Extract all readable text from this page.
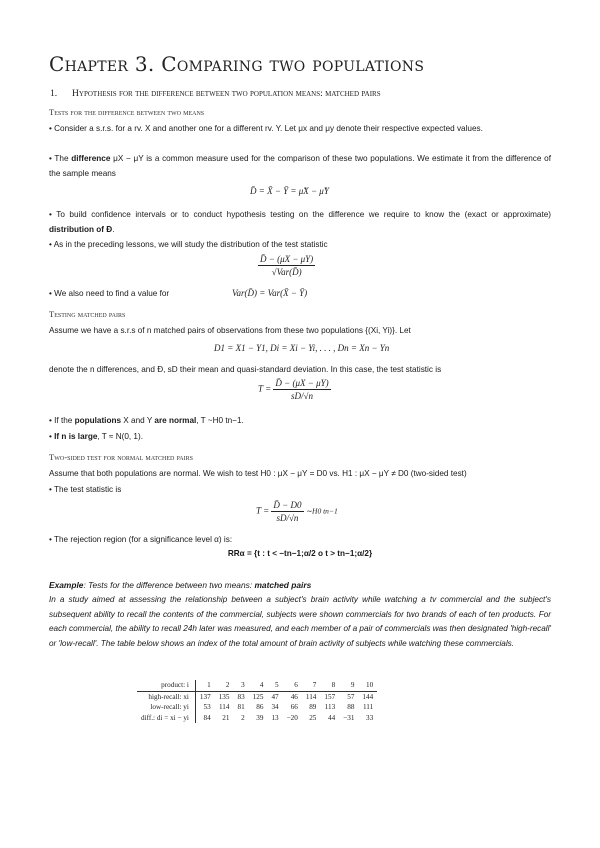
Chapter 3. Comparing two populations
1. Hypothesis for the difference between two population means: matched pairs
Tests for the difference between two means
• Consider a s.r.s. for a rv. X and another one for a different rv. Y. Let μx and μy denote their respective expected values.
• The difference μX − μY is a common measure used for the comparison of these two populations. We estimate it from the difference of the sample means
D̄ = X̄ − Ȳ = μ̂X − μ̂Y
• To build confidence intervals or to conduct hypothesis testing on the difference we require to know the (exact or approximate) distribution of Đ.
• As in the preceding lessons, we will study the distribution of the test statistic
$\frac{D̄ - (\mu X - \mu Y)}{\text{√Var(D̄)}}$
• We also need to find a value for	Var(D̄) = Var(X̄ − Ȳ)
Testing matched pairs
Assume we have a s.r.s of n matched pairs of observations from these two populations {(Xi, Yi)}. Let
D1 = X1 − Y1, Di = Xi − Yi, . . . , Dn = Xn − Yn
denote the n differences, and Đ, sD their mean and quasi-standard deviation. In this case, the test statistic is
$T = \frac{D̄ - (\mu X - \mu Y)}{sD/√n}$
• If the populations X and Y are normal, T ~H0 tn−1.
• If n is large, T ≈ N(0, 1).
Two-sided test for normal matched pairs
Assume that both populations are normal. We wish to test H0 : μX − μY = D0 vs. H1 : μX − μY ≠ D0 (two-sided test)
• The test statistic is
$T = \frac{D̄ - D0}{sD/√n}$ ∼H0 tn−1
• The rejection region (for a significance level α) is:
RRα = {t : t < −tn−1;α/2 o t > tn−1;α/2}
Example: Tests for the difference between two means: matched pairs
In a study aimed at assessing the relationship between a subject's brain activity while watching a tv commercial and the subject's subsequent ability to recall the contents of the commercial, subjects were shown commercials for two brands of each of ten products. For each commercial, the ability to recall 24h later was measured, and each member of a pair of commercials was then designated 'high-recall' or 'low-recall'. The table below shows an index of the total amount of brain activity of subjects while watching these commercials.
product: i	1	2	3	4	5	6	7	8	9	10
high-recall: xi	137	135	83	125	47	46	114	157	57	144
low-recall: yi	53	114	81	86	34	66	89	113	88	111
diff.: di = xi − yi	84	21	2	39	13	−20	25	44	−31	33
